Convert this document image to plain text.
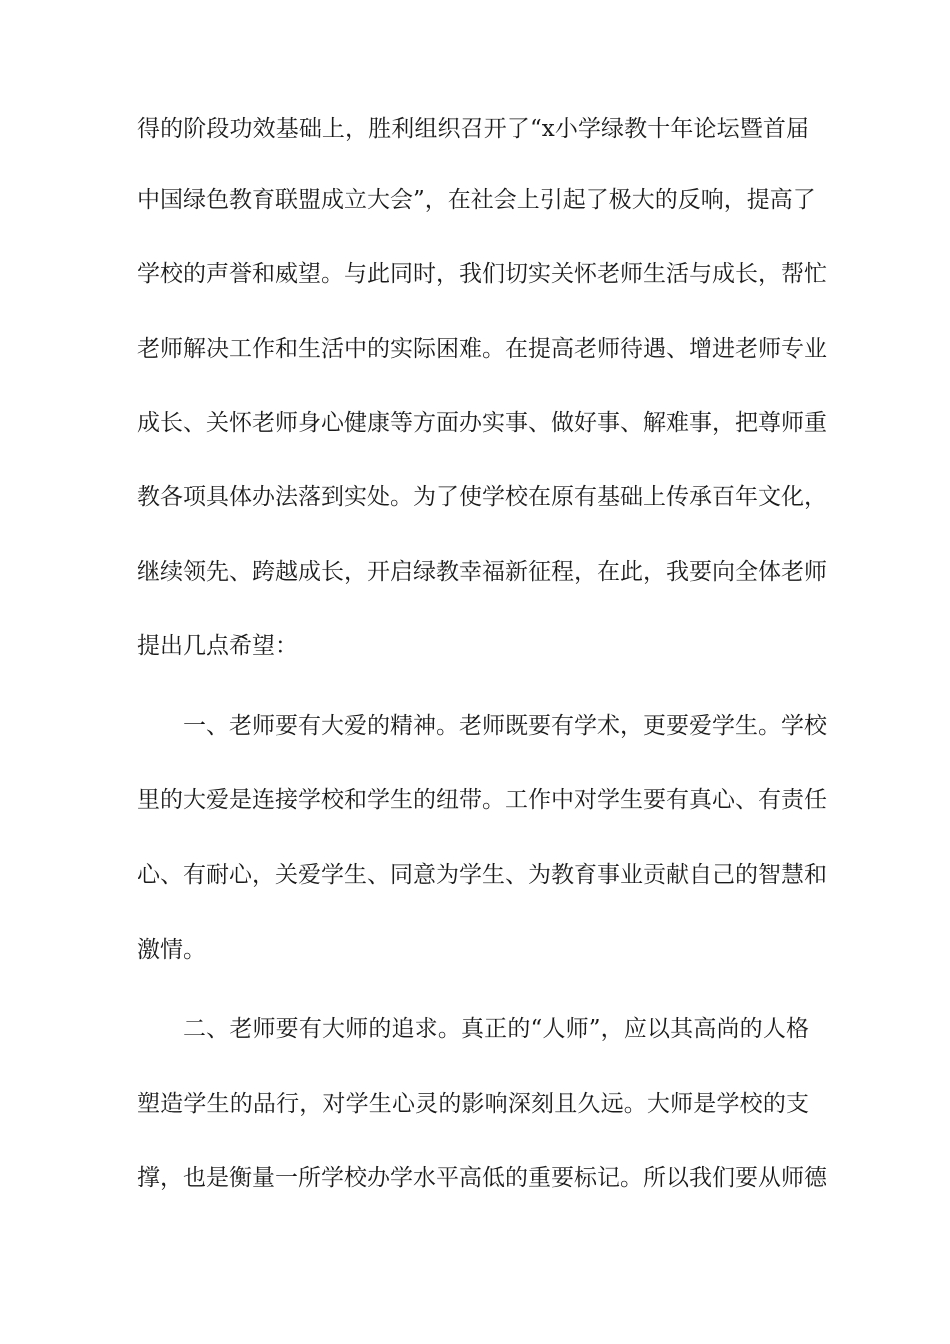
得的阶段功效基础上，胜利组织召开了“x小学绿教十年论坛暨首届
中国绿色教育联盟成立大会”，在社会上引起了极大的反响，提高了
学校的声誉和威望。与此同时，我们切实关怀老师生活与成长，帮忙
老师解决工作和生活中的实际困难。在提高老师待遇、增进老师专业
成长、关怀老师身心健康等方面办实事、做好事、解难事，把尊师重
教各项具体办法落到实处。为了使学校在原有基础上传承百年文化，
继续领先、跨越成长，开启绿教幸福新征程，在此，我要向全体老师
提出几点希望：
一、老师要有大爱的精神。老师既要有学术，更要爱学生。学校
里的大爱是连接学校和学生的纽带。工作中对学生要有真心、有责任
心、有耐心，关爱学生、同意为学生、为教育事业贡献自己的智慧和
激情。
二、老师要有大师的追求。真正的“人师”，应以其高尚的人格
塑造学生的品行，对学生心灵的影响深刻且久远。大师是学校的支
撑，也是衡量一所学校办学水平高低的重要标记。所以我们要从师德
